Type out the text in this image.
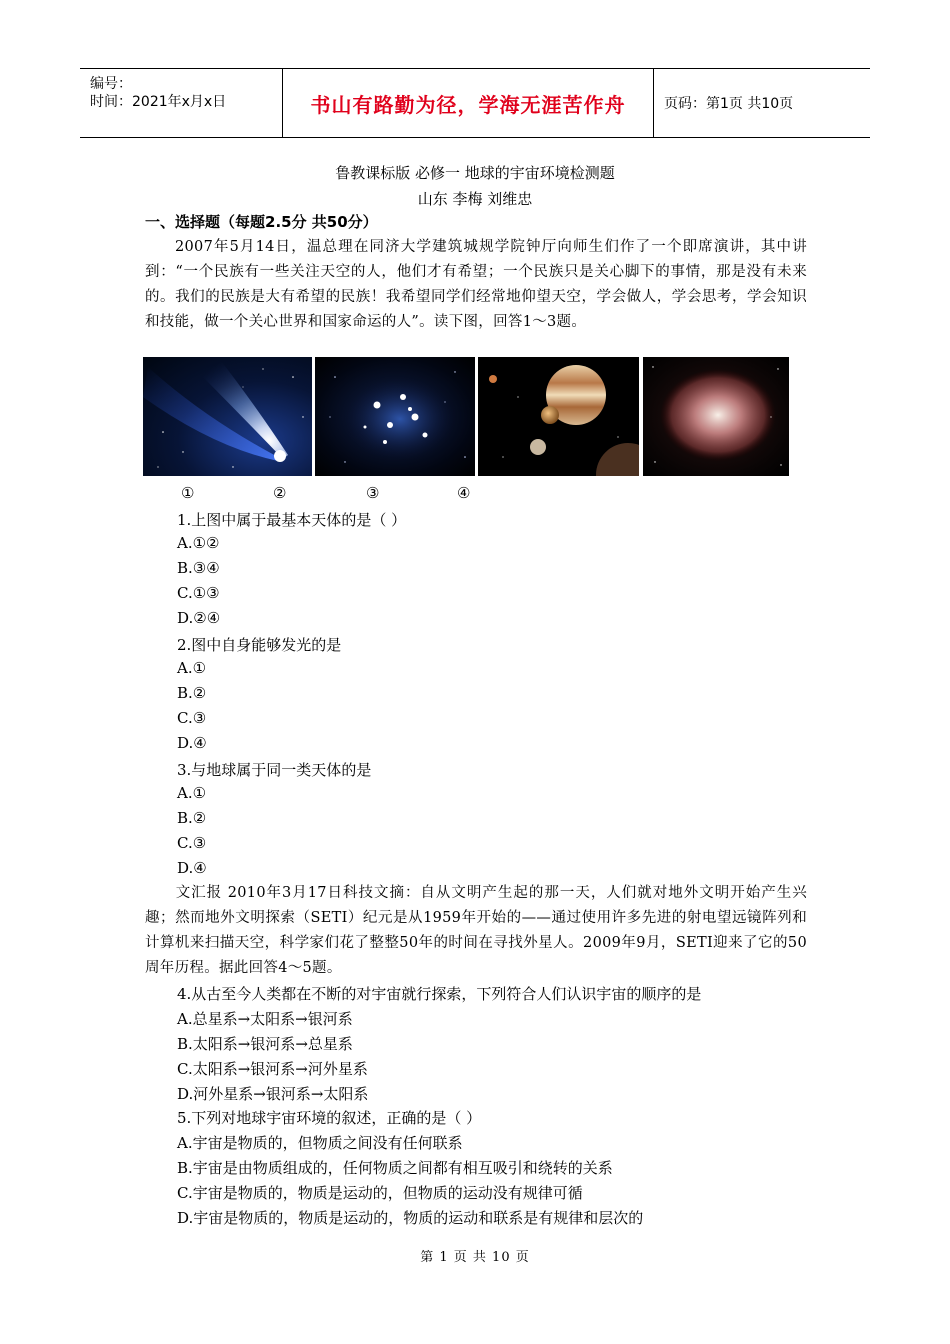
编号：
时间：2021年x月x日	书山有路勤为径，学海无涯苦作舟	页码：第1页 共10页
鲁教课标版 必修一 地球的宇宙环境检测题
山东 李梅 刘维忠
一、选择题（每题2.5分 共50分）
2007年5月14日，温总理在同济大学建筑城规学院钟厅向师生们作了一个即席演讲，其中讲到：“一个民族有一些关注天空的人，他们才有希望；一个民族只是关心脚下的事情，那是没有未来的。我们的民族是大有希望的民族！我希望同学们经常地仰望天空，学会做人，学会思考，学会知识和技能，做一个关心世界和国家命运的人”。读下图，回答1～3题。
①	②	③	④
1.上图中属于最基本天体的是（ ）
A.①②
B.③④
C.①③
D.②④
2.图中自身能够发光的是
A.①
B.②
C.③
D.④
3.与地球属于同一类天体的是
A.①
B.②
C.③
D.④
文汇报 2010年3月17日科技文摘：自从文明产生起的那一天，人们就对地外文明开始产生兴趣；然而地外文明探索（SETI）纪元是从1959年开始的——通过使用许多先进的射电望远镜阵列和计算机来扫描天空，科学家们花了整整50年的时间在寻找外星人。2009年9月，SETI迎来了它的50周年历程。据此回答4～5题。
4.从古至今人类都在不断的对宇宙就行探索，下列符合人们认识宇宙的顺序的是
A.总星系→太阳系→银河系
B.太阳系→银河系→总星系
C.太阳系→银河系→河外星系
D.河外星系→银河系→太阳系
5.下列对地球宇宙环境的叙述，正确的是（ ）
A.宇宙是物质的，但物质之间没有任何联系
B.宇宙是由物质组成的，任何物质之间都有相互吸引和绕转的关系
C.宇宙是物质的，物质是运动的，但物质的运动没有规律可循
D.宇宙是物质的，物质是运动的，物质的运动和联系是有规律和层次的
第 1 页 共 10 页
